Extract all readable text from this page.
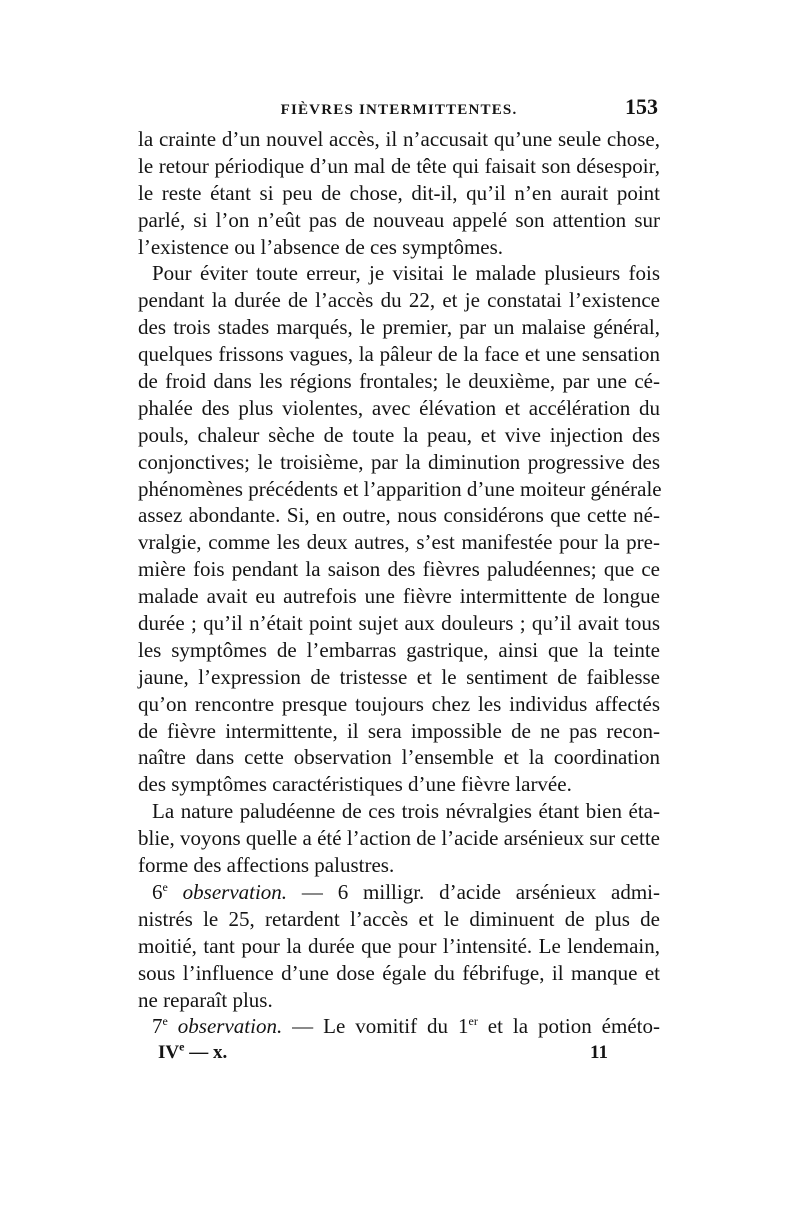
FIÈVRES INTERMITTENTES.	153
la crainte d’un nouvel accès, il n’accusait qu’une seule chose,
le retour périodique d’un mal de tête qui faisait son désespoir,
le reste étant si peu de chose, dit-il, qu’il n’en aurait point
parlé, si l’on n’eût pas de nouveau appelé son attention sur
l’existence ou l’absence de ces symptômes.
Pour éviter toute erreur, je visitai le malade plusieurs fois
pendant la durée de l’accès du 22, et je constatai l’existence
des trois stades marqués, le premier, par un malaise général,
quelques frissons vagues, la pâleur de la face et une sensation
de froid dans les régions frontales; le deuxième, par une cé-
phalée des plus violentes, avec élévation et accélération du
pouls, chaleur sèche de toute la peau, et vive injection des
conjonctives; le troisième, par la diminution progressive des
phénomènes précédents et l’apparition d’une moiteur générale
assez abondante. Si, en outre, nous considérons que cette né-
vralgie, comme les deux autres, s’est manifestée pour la pre-
mière fois pendant la saison des fièvres paludéennes; que ce
malade avait eu autrefois une fièvre intermittente de longue
durée ; qu’il n’était point sujet aux douleurs ; qu’il avait tous
les symptômes de l’embarras gastrique, ainsi que la teinte
jaune, l’expression de tristesse et le sentiment de faiblesse
qu’on rencontre presque toujours chez les individus affectés
de fièvre intermittente, il sera impossible de ne pas recon-
naître dans cette observation l’ensemble et la coordination
des symptômes caractéristiques d’une fièvre larvée.
La nature paludéenne de ces trois névralgies étant bien éta-
blie, voyons quelle a été l’action de l’acide arsénieux sur cette
forme des affections palustres.
6e observation. — 6 milligr. d’acide arsénieux admi-
nistrés le 25, retardent l’accès et le diminuent de plus de
moitié, tant pour la durée que pour l’intensité. Le lendemain,
sous l’influence d’une dose égale du fébrifuge, il manque et
ne reparaît plus.
7e observation. — Le vomitif du 1er et la potion éméto-
IVe — x.	11
